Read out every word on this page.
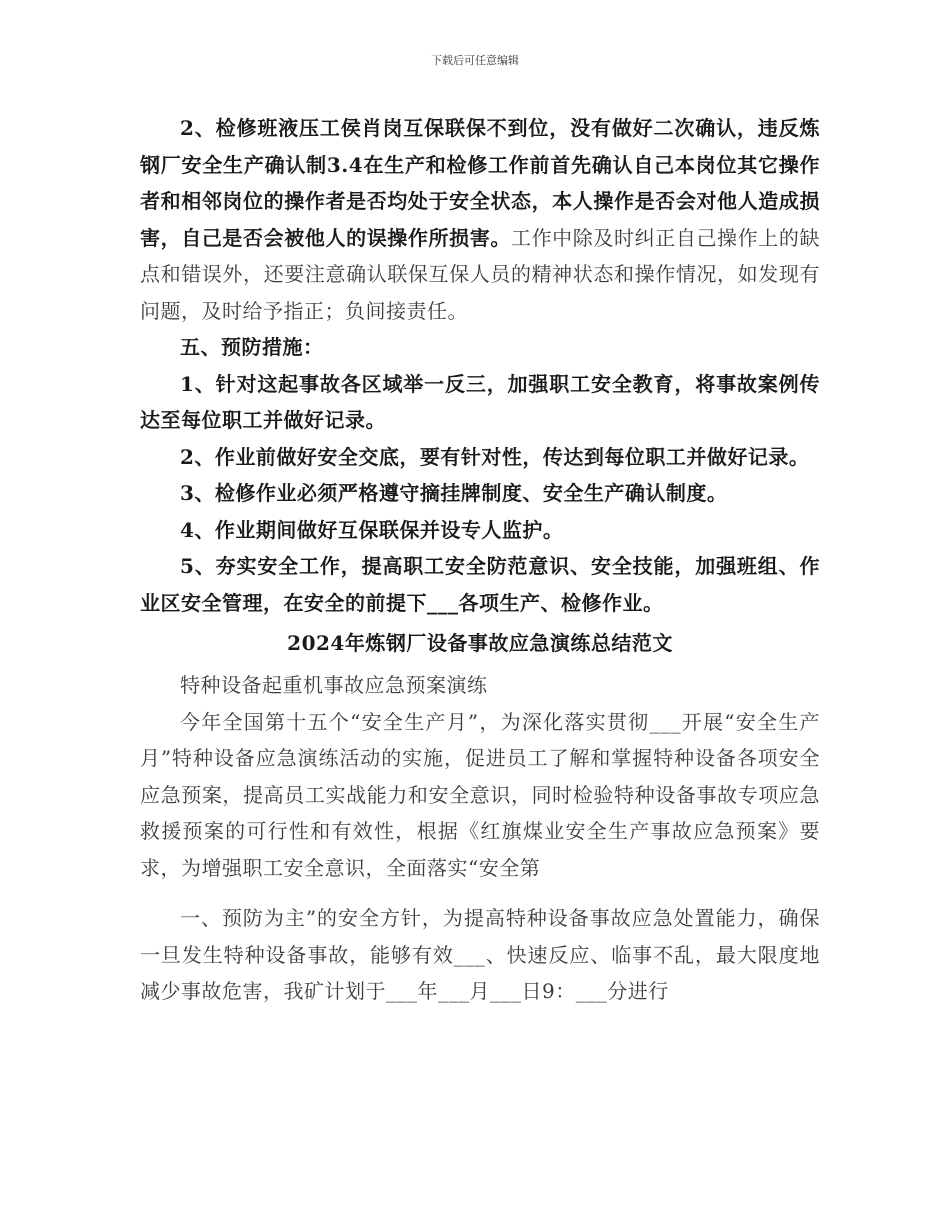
下载后可任意编辑

2、检修班液压工侯肖岗互保联保不到位，没有做好二次确认，违反炼钢厂安全生产确认制3.4在生产和检修工作前首先确认自己本岗位其它操作者和相邻岗位的操作者是否均处于安全状态，本人操作是否会对他人造成损害，自己是否会被他人的误操作所损害。工作中除及时纠正自己操作上的缺点和错误外，还要注意确认联保互保人员的精神状态和操作情况，如发现有问题，及时给予指正；负间接责任。

五、预防措施：

1、针对这起事故各区域举一反三，加强职工安全教育，将事故案例传达至每位职工并做好记录。

2、作业前做好安全交底，要有针对性，传达到每位职工并做好记录。

3、检修作业必须严格遵守摘挂牌制度、安全生产确认制度。

4、作业期间做好互保联保并设专人监护。

5、夯实安全工作，提高职工安全防范意识、安全技能，加强班组、作业区安全管理，在安全的前提下___各项生产、检修作业。

2024年炼钢厂设备事故应急演练总结范文

特种设备起重机事故应急预案演练

今年全国第十五个“安全生产月”，为深化落实贯彻___开展“安全生产月”特种设备应急演练活动的实施，促进员工了解和掌握特种设备各项安全应急预案，提高员工实战能力和安全意识，同时检验特种设备事故专项应急救援预案的可行性和有效性，根据《红旗煤业安全生产事故应急预案》要求，为增强职工安全意识，全面落实“安全第

一、预防为主”的安全方针，为提高特种设备事故应急处置能力，确保一旦发生特种设备事故，能够有效___、快速反应、临事不乱，最大限度地减少事故危害，我矿计划于___年___月___日9：___分进行
